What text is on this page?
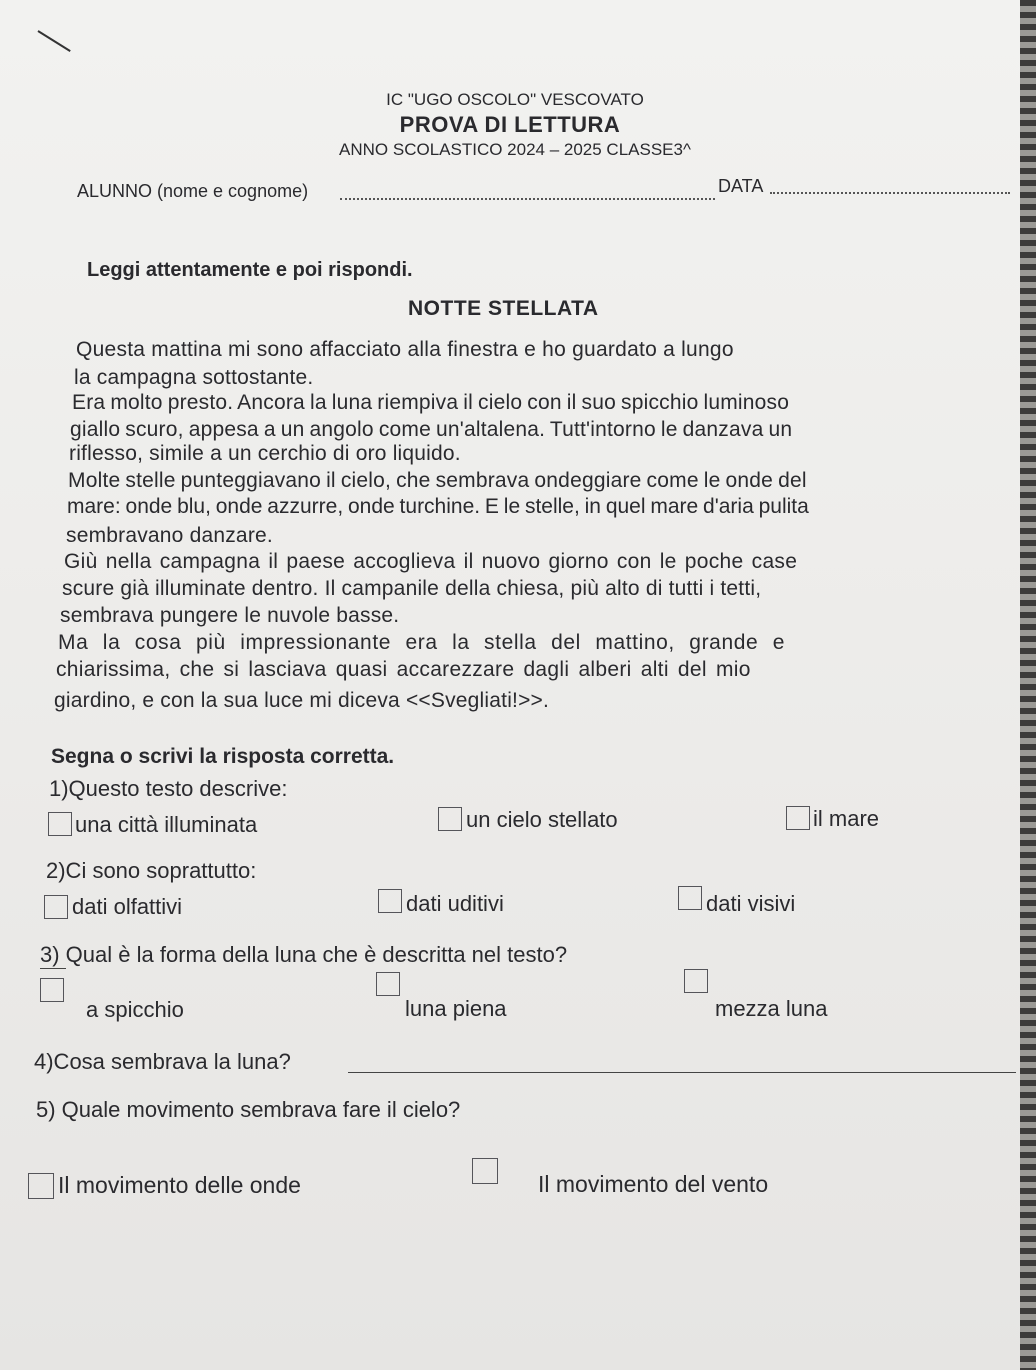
IC "UGO OSCOLO" VESCOVATO
PROVA DI LETTURA
ANNO SCOLASTICO 2024 – 2025 CLASSE3^
ALUNNO (nome e cognome)	DATA
Leggi attentamente e poi rispondi.
NOTTE STELLATA
Questa mattina mi sono affacciato alla finestra e ho guardato a lungo
la campagna sottostante.
Era molto presto. Ancora la luna riempiva il cielo con il suo spicchio luminoso
giallo scuro, appesa a un angolo come un'altalena. Tutt'intorno le danzava un
riflesso, simile a un cerchio di oro liquido.
Molte stelle punteggiavano il cielo, che sembrava ondeggiare come le onde del
mare: onde blu, onde azzurre, onde turchine. E le stelle, in quel mare d'aria pulita
sembravano danzare.
Giù nella campagna il paese accoglieva il nuovo giorno con le poche case
scure già illuminate dentro. Il campanile della chiesa, più alto di tutti i tetti,
sembrava pungere le nuvole basse.
Ma la cosa più impressionante era la stella del mattino, grande e
chiarissima, che si lasciava quasi accarezzare dagli alberi alti del mio
giardino, e con la sua luce mi diceva <<Svegliati!>>.
Segna o scrivi la risposta corretta.
1)Questo testo descrive:
una città illuminata	un cielo stellato	il mare
2)Ci sono soprattutto:
dati olfattivi	dati uditivi	dati visivi
3) Qual è la forma della luna che è descritta nel testo?
a spicchio	luna piena	mezza luna
4)Cosa sembrava la luna?
5) Quale movimento sembrava fare il cielo?
Il movimento delle onde	Il movimento del vento
